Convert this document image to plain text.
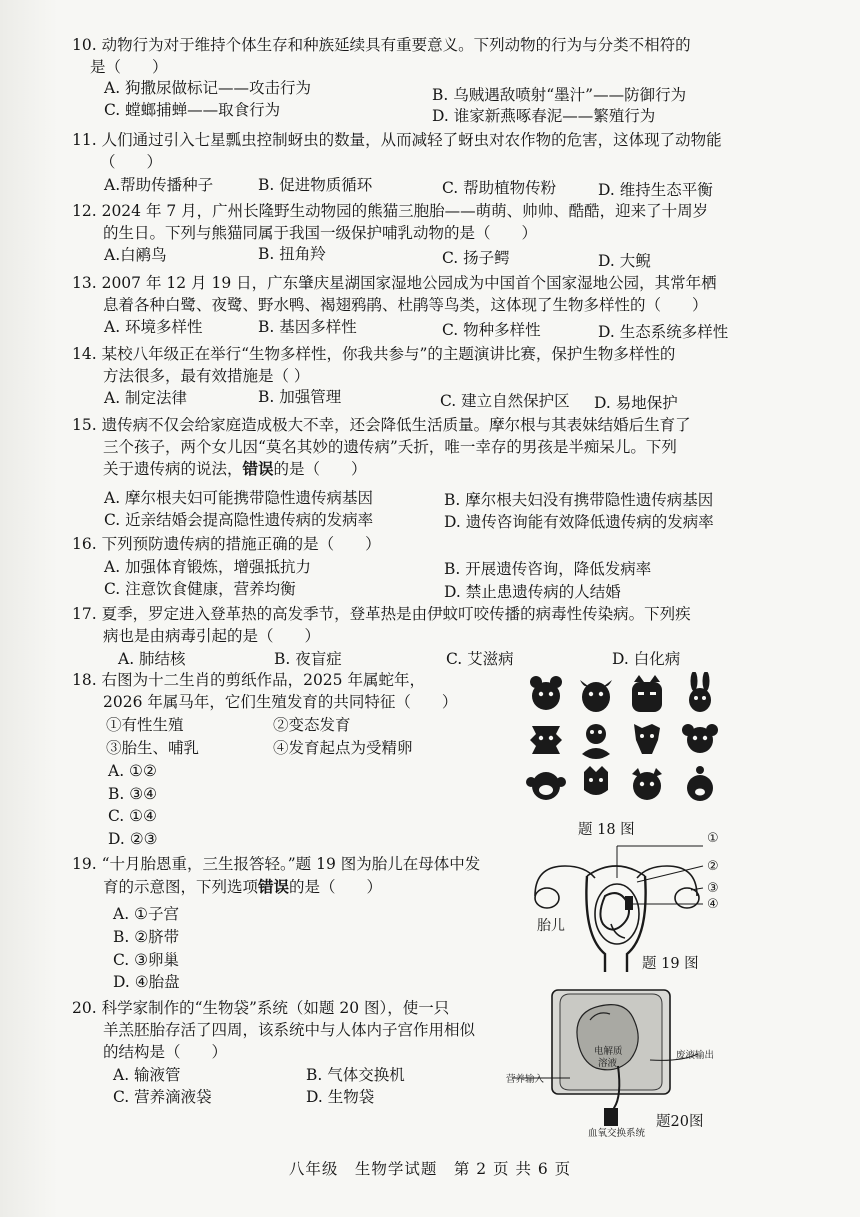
10. 动物行为对于维持个体生存和种族延续具有重要意义。下列动物的行为与分类不相符的
是（　　）
A. 狗撒尿做标记——攻击行为	B. 乌贼遇敌喷射“墨汁”——防御行为
C. 螳螂捕蝉——取食行为	D. 谁家新燕啄春泥——繁殖行为
11. 人们通过引入七星瓢虫控制蚜虫的数量，从而减轻了蚜虫对农作物的危害，这体现了动物能
（　　）
A.帮助传播种子	B. 促进物质循环	C. 帮助植物传粉	D. 维持生态平衡
12. 2024 年 7 月，广州长隆野生动物园的熊猫三胞胎——萌萌、帅帅、酷酷，迎来了十周岁
的生日。下列与熊猫同属于我国一级保护哺乳动物的是（　　）
A.白鹇鸟	B. 扭角羚	C. 扬子鳄	D. 大鲵
13. 2007 年 12 月 19 日，广东肇庆星湖国家湿地公园成为中国首个国家湿地公园，其常年栖
息着各种白鹭、夜鹭、野水鸭、褐翅鸦鹃、杜鹃等鸟类，这体现了生物多样性的（　　）
A. 环境多样性	B. 基因多样性	C. 物种多样性	D. 生态系统多样性
14. 某校八年级正在举行“生物多样性，你我共参与”的主题演讲比赛，保护生物多样性的
方法很多，最有效措施是（ ）
A. 制定法律	B. 加强管理	C. 建立自然保护区 D. 易地保护
15. 遗传病不仅会给家庭造成极大不幸，还会降低生活质量。摩尔根与其表妹结婚后生育了
三个孩子，两个女儿因“莫名其妙的遗传病”夭折，唯一幸存的男孩是半痴呆儿。下列
关于遗传病的说法，错误的是（　　）
A. 摩尔根夫妇可能携带隐性遗传病基因	B. 摩尔根夫妇没有携带隐性遗传病基因
C. 近亲结婚会提高隐性遗传病的发病率	D. 遗传咨询能有效降低遗传病的发病率
16. 下列预防遗传病的措施正确的是（　　）
A. 加强体育锻炼，增强抵抗力	B. 开展遗传咨询，降低发病率
C. 注意饮食健康，营养均衡	D. 禁止患遗传病的人结婚
17. 夏季，罗定进入登革热的高发季节，登革热是由伊蚊叮咬传播的病毒性传染病。下列疾
病也是由病毒引起的是（　　）
A. 肺结核	B. 夜盲症	C. 艾滋病	D. 白化病
18. 右图为十二生肖的剪纸作品，2025 年属蛇年，
2026 年属马年，它们生殖发育的共同特征（　　）
①有性生殖	②变态发育
③胎生、哺乳	④发育起点为受精卵
A. ①②
B. ③④
C. ①④
D. ②③	题 18 图
19. “十月胎恩重，三生报答轻。”题 19 图为胎儿在母体中发
育的示意图，下列选项错误的是（　　）
A. ①子宫
B. ②脐带
C. ③卵巢
D. ④胎盘
①
②
③
④
胎儿
题 19 图
20. 科学家制作的“生物袋”系统（如题 20 图），使一只
羊羔胚胎存活了四周，该系统中与人体内子宫作用相似
的结构是（　　）
A. 输液管	B. 气体交换机
C. 营养滴液袋	D. 生物袋
电解质
溶液
废液输出
营养输入
血氧交换系统
题20图
八年级　生物学试题　第 2 页 共 6 页
